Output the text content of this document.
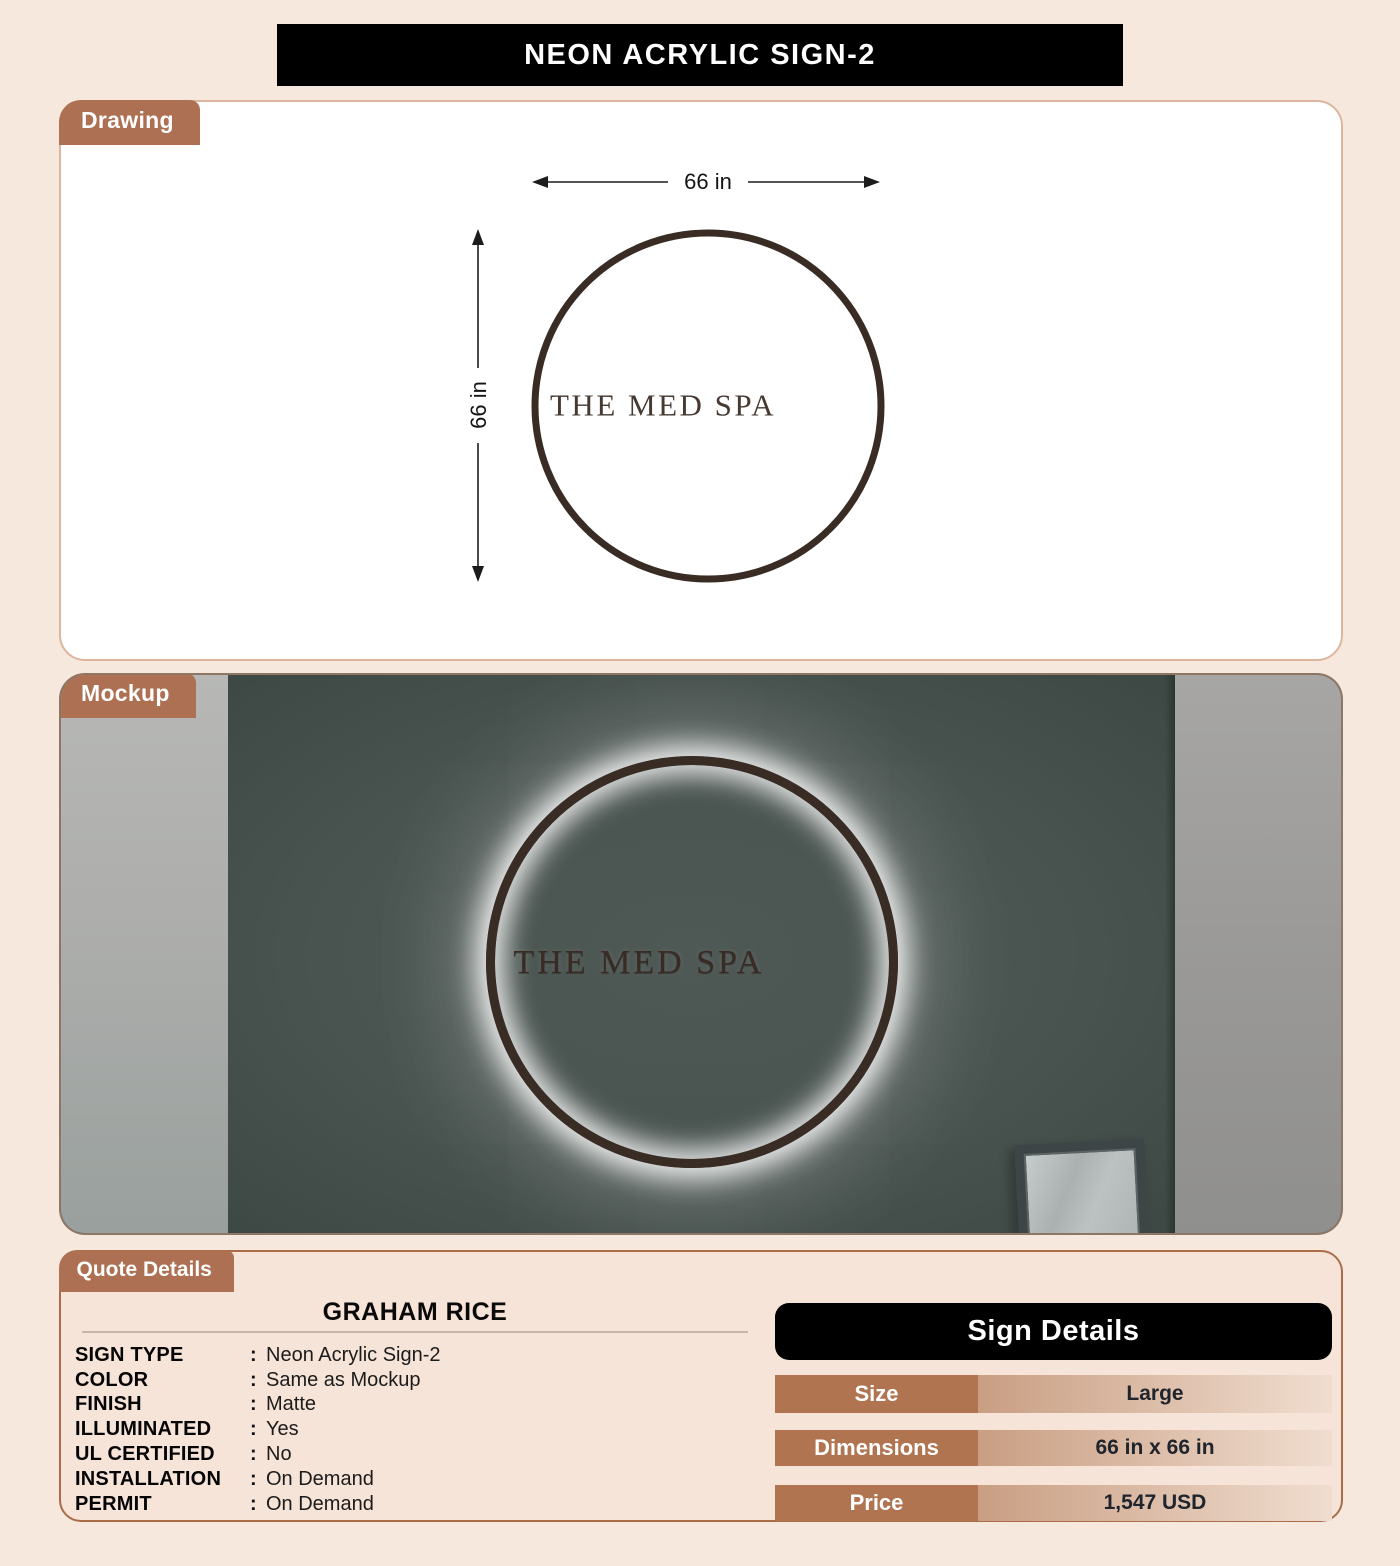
NEON ACRYLIC SIGN-2
Drawing
66 in
66 in THE MED SPA
THE MED SPA
Mockup
Quote Details
GRAHAM RICE
SIGN TYPE	: Neon Acrylic Sign-2
COLOR	: Same as Mockup
FINISH	: Matte
ILLUMINATED	: Yes
UL CERTIFIED	: No
INSTALLATION	: On Demand
PERMIT	: On Demand
Sign Details
Size	Large
Dimensions	66 in x 66 in
Price	1,547 USD
